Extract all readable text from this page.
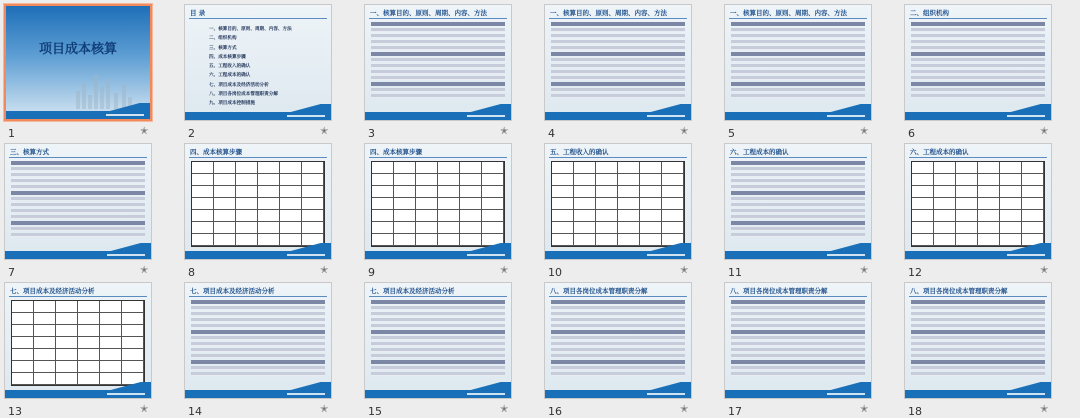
项目成本核算
1	✭
目 录
一、核算目的、原则、周期、内容、方法
二、组织机构
三、核算方式
四、成本核算步骤
五、工程收入的确认
六、工程成本的确认
七、项目成本及经济活动分析
八、项目各岗位成本管理职责分解
九、项目成本控制措施
2	✭
一、核算目的、原则、周期、内容、方法
3	✭
一、核算目的、原则、周期、内容、方法
4	✭
一、核算目的、原则、周期、内容、方法
5	✭
二、组织机构
6	✭
三、核算方式
7	✭
四、成本核算步骤
8	✭
四、成本核算步骤
9	✭
五、工程收入的确认
10	✭
六、工程成本的确认
11	✭
六、工程成本的确认
12	✭
七、项目成本及经济活动分析
13	✭
七、项目成本及经济活动分析
14	✭
七、项目成本及经济活动分析
15	✭
八、项目各岗位成本管理职责分解
16	✭
八、项目各岗位成本管理职责分解
17	✭
八、项目各岗位成本管理职责分解
18	✭
